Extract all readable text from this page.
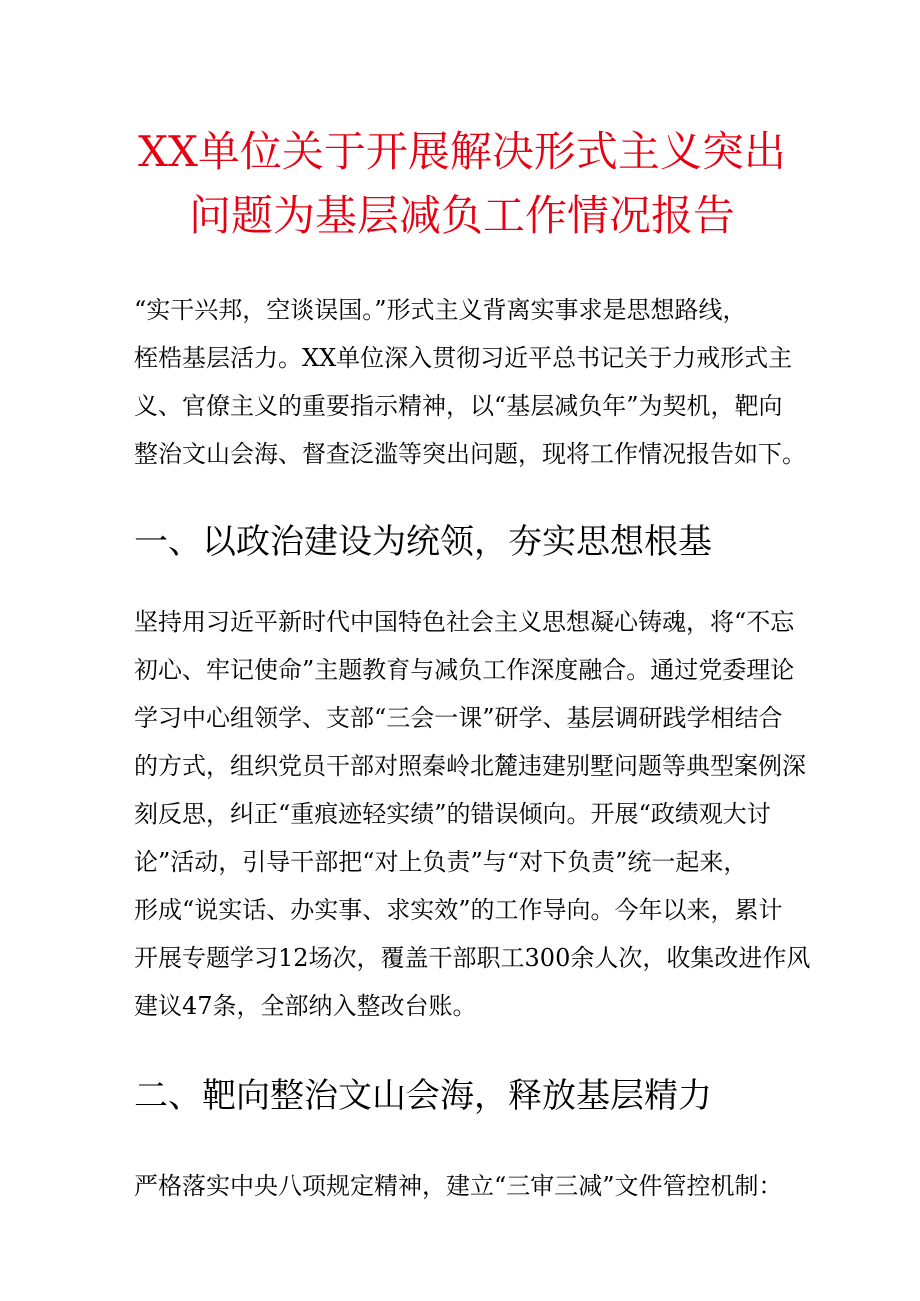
XX单位关于开展解决形式主义突出
问题为基层减负工作情况报告

“实干兴邦，空谈误国。”形式主义背离实事求是思想路线，
桎梏基层活力。XX单位深入贯彻习近平总书记关于力戒形式主
义、官僚主义的重要指示精神，以“基层减负年”为契机，靶向
整治文山会海、督查泛滥等突出问题，现将工作情况报告如下。

一、以政治建设为统领，夯实思想根基

坚持用习近平新时代中国特色社会主义思想凝心铸魂，将“不忘
初心、牢记使命”主题教育与减负工作深度融合。通过党委理论
学习中心组领学、支部“三会一课”研学、基层调研践学相结合
的方式，组织党员干部对照秦岭北麓违建别墅问题等典型案例深
刻反思，纠正“重痕迹轻实绩”的错误倾向。开展“政绩观大讨
论”活动，引导干部把“对上负责”与“对下负责”统一起来，
形成“说实话、办实事、求实效”的工作导向。今年以来，累计
开展专题学习12场次，覆盖干部职工300余人次，收集改进作风
建议47条，全部纳入整改台账。

二、靶向整治文山会海，释放基层精力

严格落实中央八项规定精神，建立“三审三减”文件管控机制：
